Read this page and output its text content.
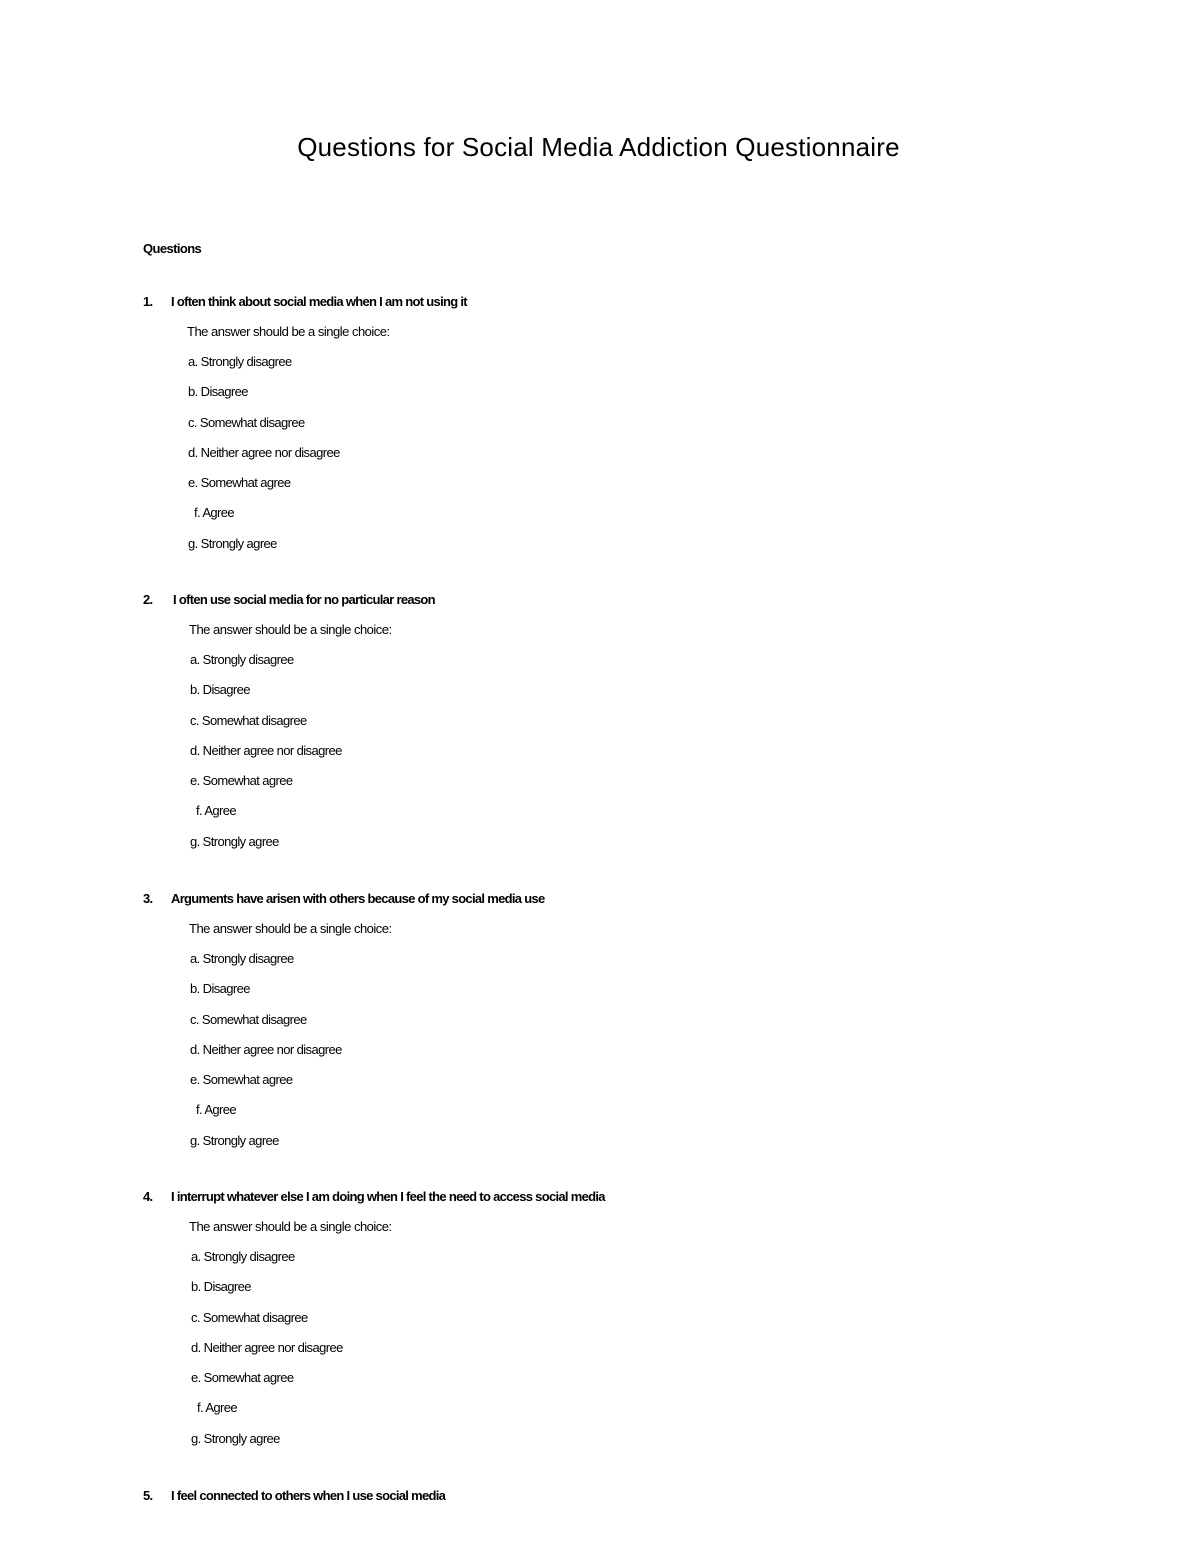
Questions for Social Media Addiction Questionnaire
Questions
1. I often think about social media when I am not using it
The answer should be a single choice:
a. Strongly disagree
b. Disagree
c. Somewhat disagree
d. Neither agree nor disagree
e. Somewhat agree
f. Agree
g. Strongly agree
2. I often use social media for no particular reason
The answer should be a single choice:
a. Strongly disagree
b. Disagree
c. Somewhat disagree
d. Neither agree nor disagree
e. Somewhat agree
f. Agree
g. Strongly agree
3. Arguments have arisen with others because of my social media use
The answer should be a single choice:
a. Strongly disagree
b. Disagree
c. Somewhat disagree
d. Neither agree nor disagree
e. Somewhat agree
f. Agree
g. Strongly agree
4. I interrupt whatever else I am doing when I feel the need to access social media
The answer should be a single choice:
a. Strongly disagree
b. Disagree
c. Somewhat disagree
d. Neither agree nor disagree
e. Somewhat agree
f. Agree
g. Strongly agree
5. I feel connected to others when I use social media
